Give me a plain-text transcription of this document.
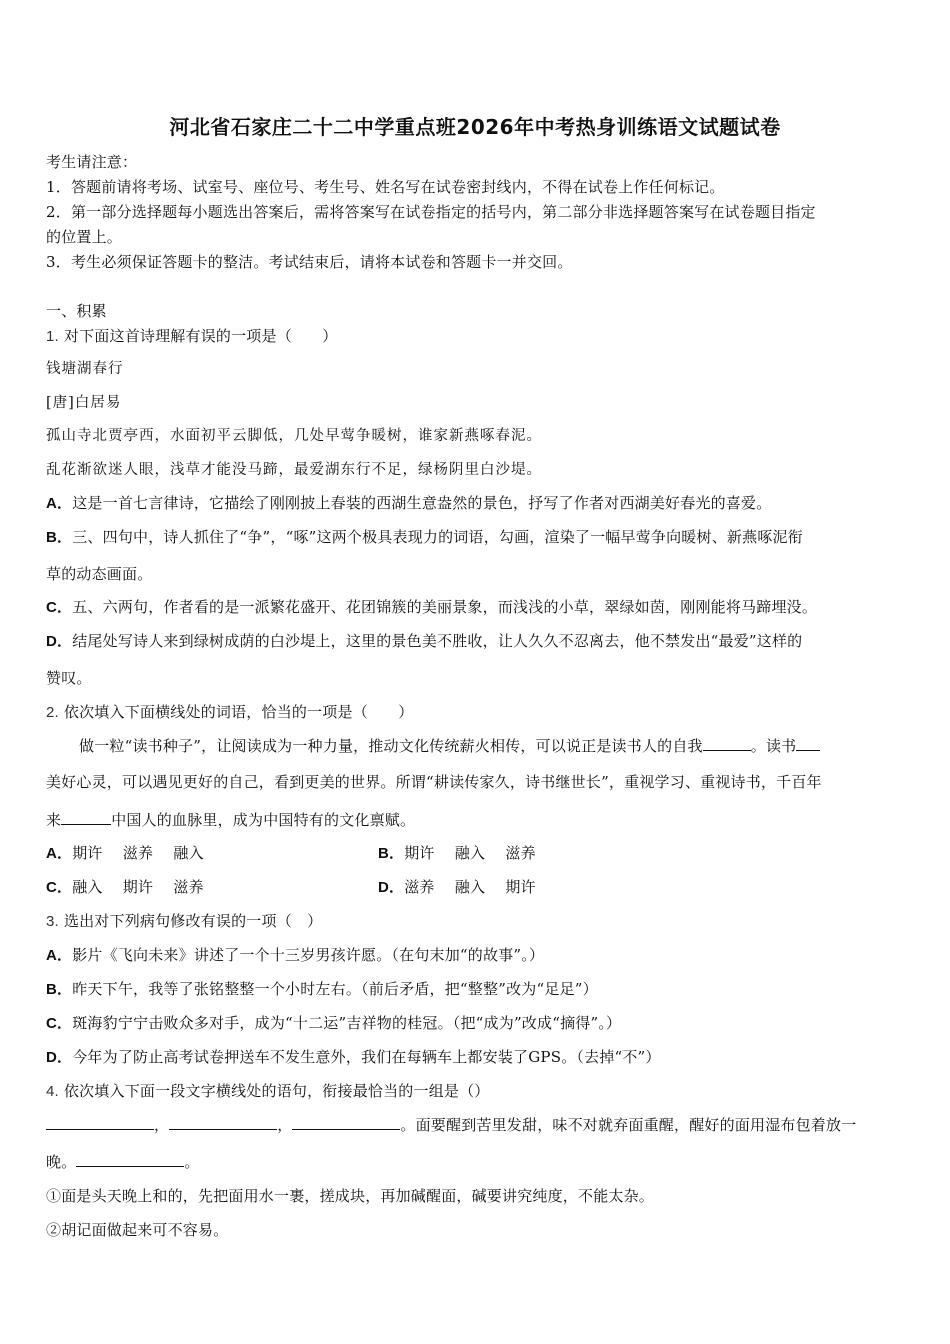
河北省石家庄二十二中学重点班2026年中考热身训练语文试题试卷
考生请注意：
1．答题前请将考场、试室号、座位号、考生号、姓名写在试卷密封线内，不得在试卷上作任何标记。
2．第一部分选择题每小题选出答案后，需将答案写在试卷指定的括号内，第二部分非选择题答案写在试卷题目指定
的位置上。
3．考生必须保证答题卡的整洁。考试结束后，请将本试卷和答题卡一并交回。
一、积累
1. 对下面这首诗理解有误的一项是（　　）
钱塘湖春行
[唐]白居易
孤山寺北贾亭西，水面初平云脚低，几处早莺争暖树，谁家新燕啄春泥。
乱花渐欲迷人眼，浅草才能没马蹄，最爱湖东行不足，绿杨阴里白沙堤。
A．这是一首七言律诗，它描绘了刚刚披上春装的西湖生意盎然的景色，抒写了作者对西湖美好春光的喜爱。
B．三、四句中，诗人抓住了“争”，“啄”这两个极具表现力的词语，勾画，渲染了一幅早莺争向暖树、新燕啄泥衔
草的动态画面。
C．五、六两句，作者看的是一派繁花盛开、花团锦簇的美丽景象，而浅浅的小草，翠绿如茵，刚刚能将马蹄埋没。
D．结尾处写诗人来到绿树成荫的白沙堤上，这里的景色美不胜收，让人久久不忍离去，他不禁发出“最爱”这样的
赞叹。
2. 依次填入下面横线处的词语，恰当的一项是（　　）
做一粒“读书种子”，让阅读成为一种力量，推动文化传统薪火相传，可以说正是读书人的自我	。读书
美好心灵，可以遇见更好的自己，看到更美的世界。所谓“耕读传家久，诗书继世长”，重视学习、重视诗书，千百年
来	中国人的血脉里，成为中国特有的文化禀赋。
A．期许　 滋养　 融入	B．期许　 融入　 滋养
C．融入　 期许　 滋养	D．滋养　 融入　 期许
3. 选出对下列病句修改有误的一项（　）
A．影片《飞向未来》讲述了一个十三岁男孩许愿。（在句末加“的故事”。）
B．昨天下午，我等了张铭整整一个小时左右。（前后矛盾，把“整整”改为“足足”）
C．斑海豹宁宁击败众多对手，成为“十二运”吉祥物的桂冠。（把“成为”改成“摘得”。）
D．今年为了防止高考试卷押送车不发生意外，我们在每辆车上都安装了GPS。（去掉“不”）
4. 依次填入下面一段文字横线处的语句，衔接最恰当的一组是（）
，	，	。面要醒到苦里发甜，味不对就弃面重醒，醒好的面用湿布包着放一
晚。	。
①面是头天晚上和的，先把面用水一裹，搓成块，再加碱醒面，碱要讲究纯度，不能太杂。
②胡记面做起来可不容易。
